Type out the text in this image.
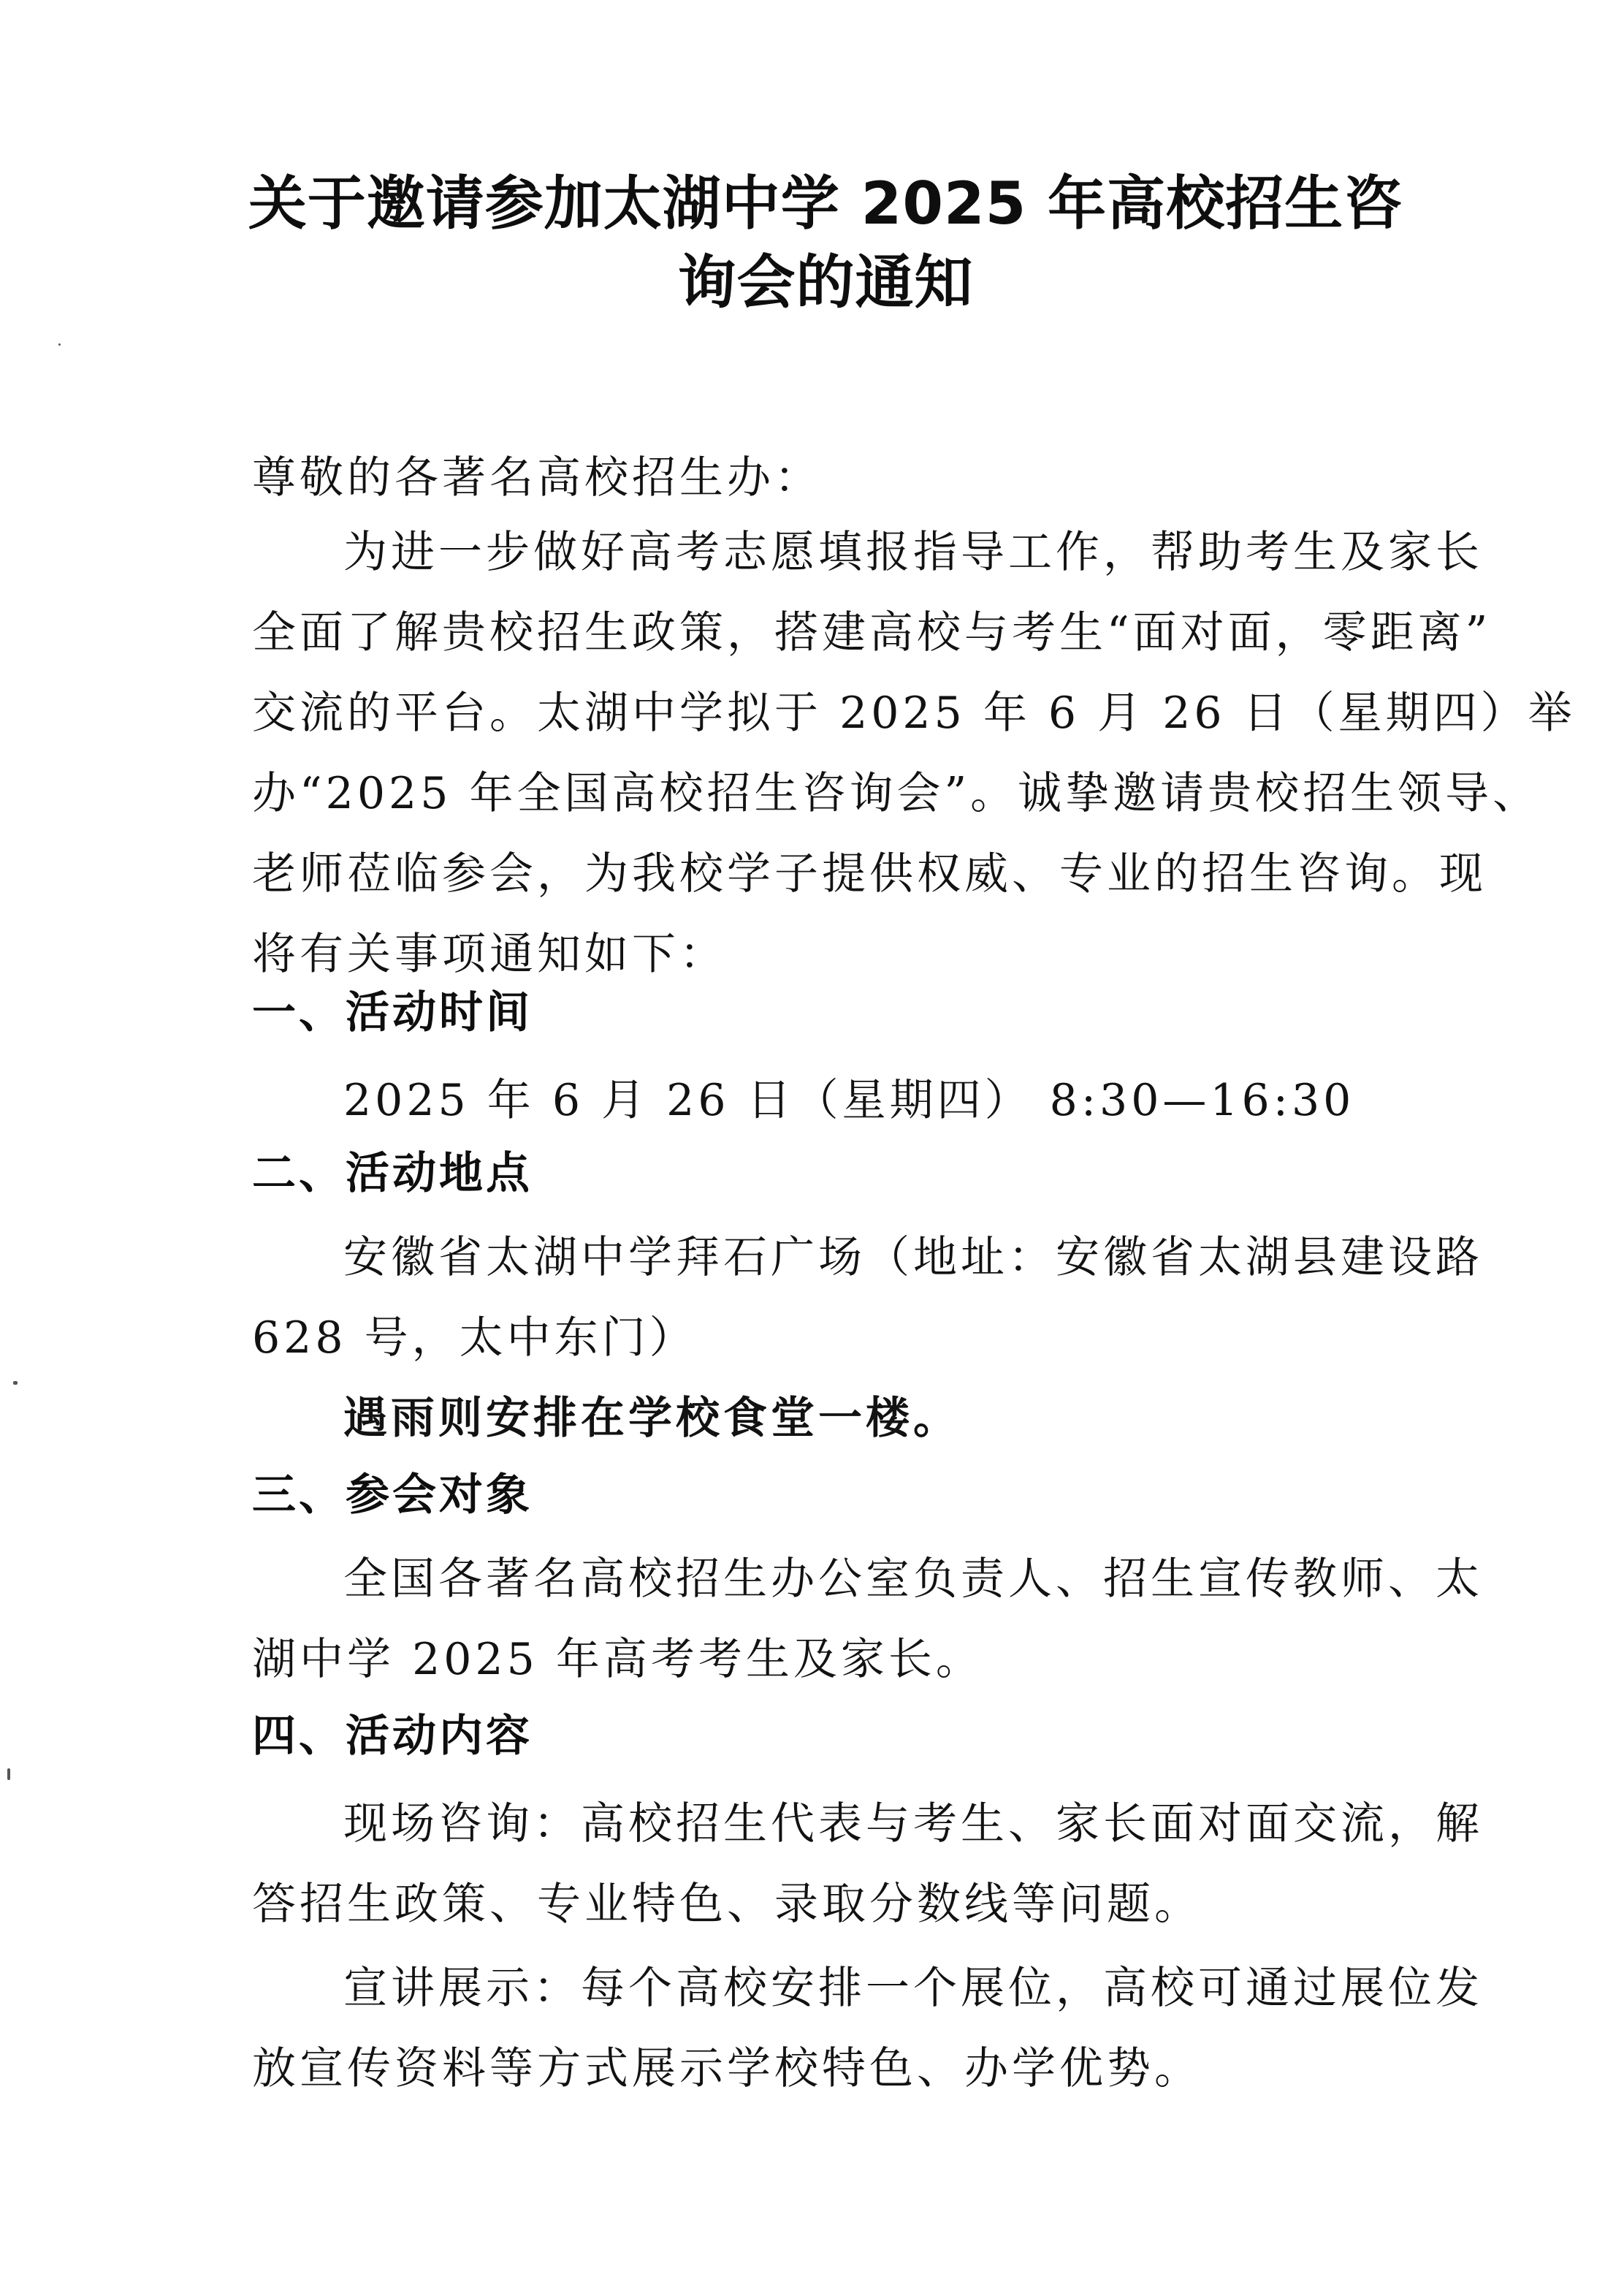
关于邀请参加太湖中学 2025 年高校招生咨
询会的通知
尊敬的各著名高校招生办：
为进一步做好高考志愿填报指导工作，帮助考生及家长
全面了解贵校招生政策，搭建高校与考生“面对面，零距离”
交流的平台。太湖中学拟于 2025 年 6 月 26 日（星期四）举
办“2025 年全国高校招生咨询会”。诚挚邀请贵校招生领导、
老师莅临参会，为我校学子提供权威、专业的招生咨询。现
将有关事项通知如下：
一、活动时间
2025 年 6 月 26 日（星期四） 8:30—16:30
二、活动地点
安徽省太湖中学拜石广场（地址：安徽省太湖县建设路
628 号，太中东门）
遇雨则安排在学校食堂一楼。
三、参会对象
全国各著名高校招生办公室负责人、招生宣传教师、太
湖中学 2025 年高考考生及家长。
四、活动内容
现场咨询：高校招生代表与考生、家长面对面交流，解
答招生政策、专业特色、录取分数线等问题。
宣讲展示：每个高校安排一个展位，高校可通过展位发
放宣传资料等方式展示学校特色、办学优势。
